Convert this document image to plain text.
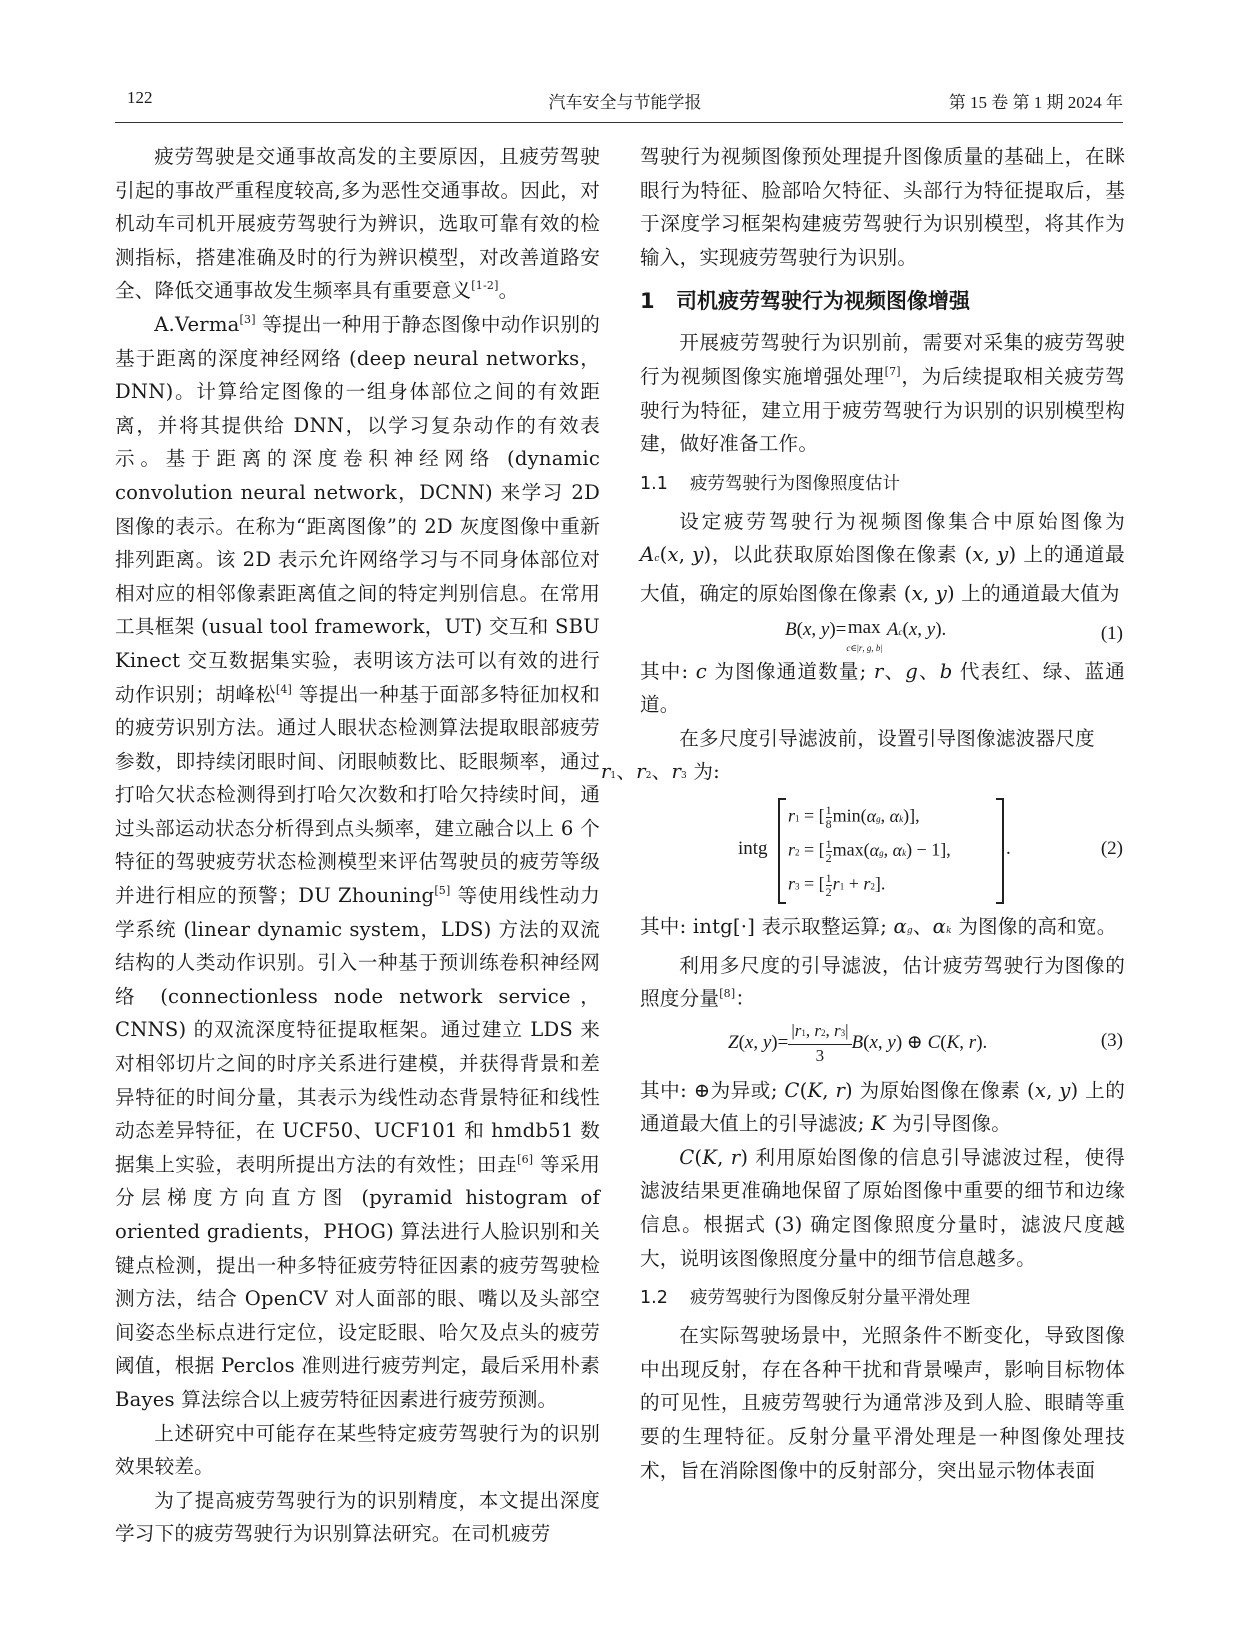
122	汽车安全与节能学报	第 15 卷 第 1 期 2024 年

疲劳驾驶是交通事故高发的主要原因，且疲劳驾驶引起的事故严重程度较高,多为恶性交通事故。因此，对机动车司机开展疲劳驾驶行为辨识，选取可靠有效的检测指标，搭建准确及时的行为辨识模型，对改善道路安全、降低交通事故发生频率具有重要意义[1-2]。

A.Verma[3] 等提出一种用于静态图像中动作识别的基于距离的深度神经网络 (deep neural networks，DNN)。计算给定图像的一组身体部位之间的有效距离，并将其提供给 DNN，以学习复杂动作的有效表示。基于距离的深度卷积神经网络 (dynamic convolution neural network，DCNN) 来学习 2D 图像的表示。在称为“距离图像”的 2D 灰度图像中重新排列距离。该 2D 表示允许网络学习与不同身体部位对相对应的相邻像素距离值之间的特定判别信息。在常用工具框架 (usual tool framework，UT) 交互和 SBU Kinect 交互数据集实验，表明该方法可以有效的进行动作识别；胡峰松[4] 等提出一种基于面部多特征加权和的疲劳识别方法。通过人眼状态检测算法提取眼部疲劳参数，即持续闭眼时间、闭眼帧数比、眨眼频率，通过打哈欠状态检测得到打哈欠次数和打哈欠持续时间，通过头部运动状态分析得到点头频率，建立融合以上 6 个特征的驾驶疲劳状态检测模型来评估驾驶员的疲劳等级并进行相应的预警；DU Zhouning[5] 等使用线性动力学系统 (linear dynamic system，LDS) 方法的双流结构的人类动作识别。引入一种基于预训练卷积神经网络 (connectionless node network service，CNNS) 的双流深度特征提取框架。通过建立 LDS 来对相邻切片之间的时序关系进行建模，并获得背景和差异特征的时间分量，其表示为线性动态背景特征和线性动态差异特征，在 UCF50、UCF101 和 hmdb51 数据集上实验，表明所提出方法的有效性；田垚[6] 等采用分层梯度方向直方图 (pyramid histogram of oriented gradients，PHOG) 算法进行人脸识别和关键点检测，提出一种多特征疲劳特征因素的疲劳驾驶检测方法，结合 OpenCV 对人面部的眼、嘴以及头部空间姿态坐标点进行定位，设定眨眼、哈欠及点头的疲劳阈值，根据 Perclos 准则进行疲劳判定，最后采用朴素 Bayes 算法综合以上疲劳特征因素进行疲劳预测。

上述研究中可能存在某些特定疲劳驾驶行为的识别效果较差。

为了提高疲劳驾驶行为的识别精度，本文提出深度学习下的疲劳驾驶行为识别算法研究。在司机疲劳

驾驶行为视频图像预处理提升图像质量的基础上，在眯眼行为特征、脸部哈欠特征、头部行为特征提取后，基于深度学习框架构建疲劳驾驶行为识别模型，将其作为输入，实现疲劳驾驶行为识别。

1 司机疲劳驾驶行为视频图像增强

开展疲劳驾驶行为识别前，需要对采集的疲劳驾驶行为视频图像实施增强处理[7]，为后续提取相关疲劳驾驶行为特征，建立用于疲劳驾驶行为识别的识别模型构建，做好准备工作。

1.1 疲劳驾驶行为图像照度估计

设定疲劳驾驶行为视频图像集合中原始图像为 Ac(x, y)，以此获取原始图像在像素 (x, y) 上的通道最大值，确定的原始图像在像素 (x, y) 上的通道最大值为

B(x, y)=max
c∈|r, g, b| Ac(x, y).	(1)

其中: c 为图像通道数量; r、g、b 代表红、绿、蓝通道。

在多尺度引导滤波前，设置引导图像滤波器尺度
r1、r2、r3 为:

intg
r1 = [ $\frac{1}{8} \min(\alpha g$, αk)],
r2 = [ $\frac{1}{2} \max(\alpha g$, αk) − 1],
r3 = [ $\frac{1}{2} r1 + r2$].
.	(2)

其中: intg[·] 表示取整运算; αg、αk 为图像的高和宽。

利用多尺度的引导滤波，估计疲劳驾驶行为图像的照度分量[8]：

Z(x, $y)= \frac{|r1, r2, r3|}{3} B(x$, y) ⊕ C(K, r).	(3)

其中: ⊕为异或; C(K, r) 为原始图像在像素 (x, y) 上的通道最大值上的引导滤波; K 为引导图像。

C(K, r) 利用原始图像的信息引导滤波过程，使得滤波结果更准确地保留了原始图像中重要的细节和边缘信息。根据式 (3) 确定图像照度分量时，滤波尺度越大，说明该图像照度分量中的细节信息越多。

1.2 疲劳驾驶行为图像反射分量平滑处理

在实际驾驶场景中，光照条件不断变化，导致图像中出现反射，存在各种干扰和背景噪声，影响目标物体的可见性，且疲劳驾驶行为通常涉及到人脸、眼睛等重要的生理特征。反射分量平滑处理是一种图像处理技术，旨在消除图像中的反射部分，突出显示物体表面
